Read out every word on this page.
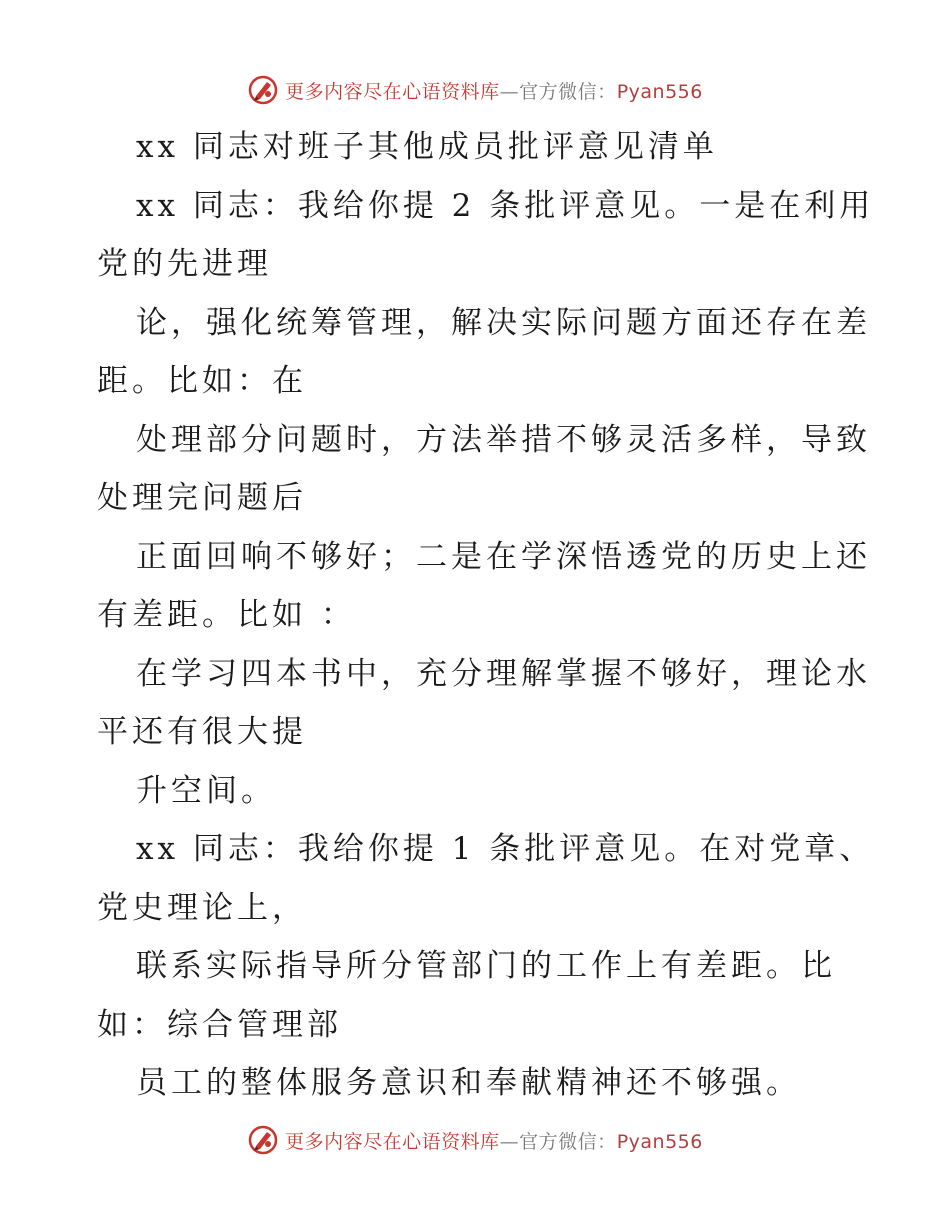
更多内容尽在心语资料库—官方微信：Pyan556
xx 同志对班子其他成员批评意见清单
xx 同志：我给你提 2 条批评意见。一是在利用
党的先进理
论，强化统筹管理，解决实际问题方面还存在差
距。比如：在
处理部分问题时，方法举措不够灵活多样，导致
处理完问题后
正面回响不够好；二是在学深悟透党的历史上还
有差距。比如 ：
在学习四本书中，充分理解掌握不够好，理论水
平还有很大提
升空间。
xx 同志：我给你提 1 条批评意见。在对党章、
党史理论上，
联系实际指导所分管部门的工作上有差距。比
如：综合管理部
员工的整体服务意识和奉献精神还不够强。
更多内容尽在心语资料库—官方微信：Pyan556
